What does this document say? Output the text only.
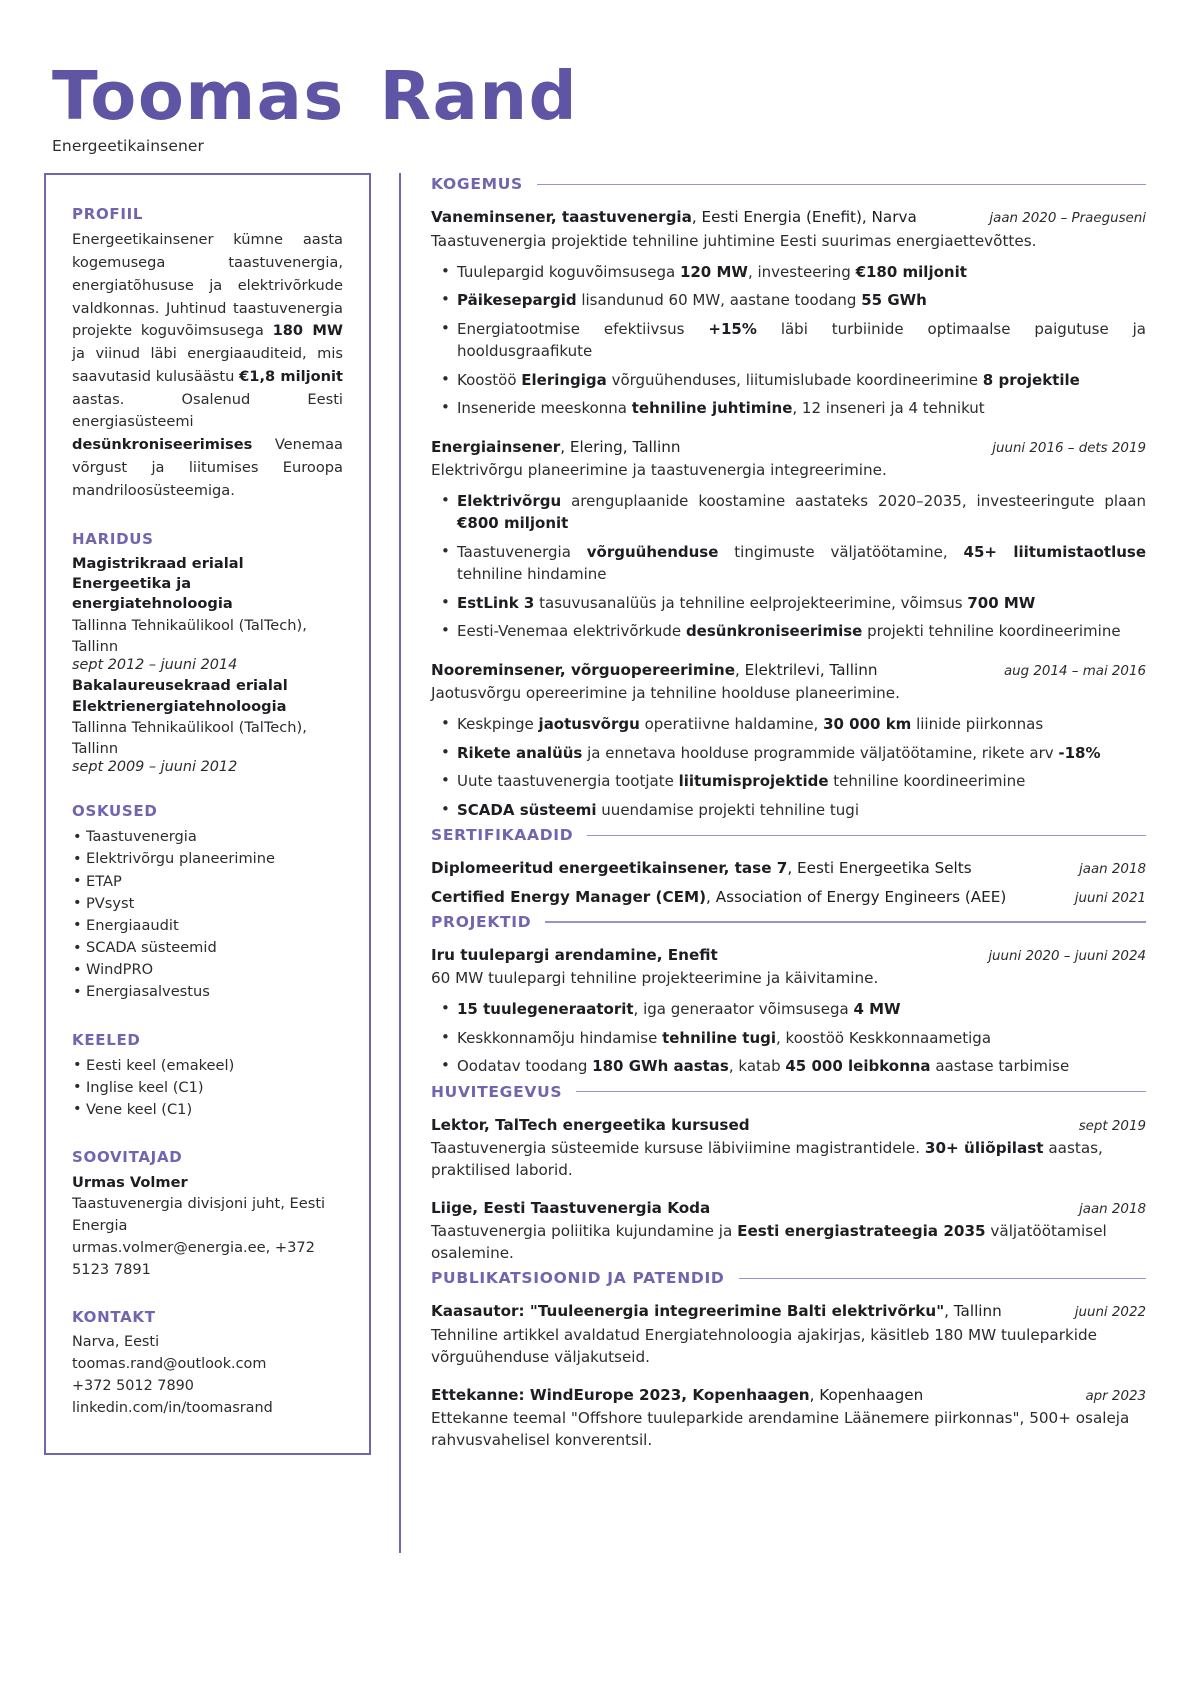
Toomas Rand
Energeetikainsener
PROFIIL
Energeetikainsener kümne aasta kogemusega taastuvenergia, energiatõhususe ja elektrivõrkude valdkonnas. Juhtinud taastuvenergia projekte koguvõimsusega 180 MW ja viinud läbi energiaauditeid, mis saavutasid kulusäästu €1,8 miljonit aastas. Osalenud Eesti energiasüsteemi desünkroniseerimises Venemaa võrgust ja liitumises Euroopa mandriloosüsteemiga.
HARIDUS
Magistrikraad erialal Energeetika ja energiatehnoloogia
Tallinna Tehnikaülikool (TalTech), Tallinn
sept 2012 – juuni 2014
Bakalaureusekraad erialal Elektrienergiatehnoloogia
Tallinna Tehnikaülikool (TalTech), Tallinn
sept 2009 – juuni 2012
OSKUSED
• Taastuvenergia
• Elektrivõrgu planeerimine
• ETAP
• PVsyst
• Energiaaudit
• SCADA süsteemid
• WindPRO
• Energiasalvestus
KEELED
• Eesti keel (emakeel)
• Inglise keel (C1)
• Vene keel (C1)
SOOVITAJAD
Urmas Volmer
Taastuvenergia divisjoni juht, Eesti Energia
urmas.volmer@energia.ee, +372 5123 7891
KONTAKT
Narva, Eesti
toomas.rand@outlook.com
+372 5012 7890
linkedin.com/in/toomasrand
KOGEMUS
Vaneminsener, taastuvenergia, Eesti Energia (Enefit), Narva	jaan 2020 – Praeguseni
Taastuvenergia projektide tehniline juhtimine Eesti suurimas energiaettevõttes.
• Tuulepargid koguvõimsusega 120 MW, investeering €180 miljonit
• Päikesepargid lisandunud 60 MW, aastane toodang 55 GWh
• Energiatootmise efektiivsus +15% läbi turbiinide optimaalse paigutuse ja hooldusgraafikute
• Koostöö Eleringiga võrguühenduses, liitumislubade koordineerimine 8 projektile
• Inseneride meeskonna tehniline juhtimine, 12 inseneri ja 4 tehnikut
Energiainsener, Elering, Tallinn	juuni 2016 – dets 2019
Elektrivõrgu planeerimine ja taastuvenergia integreerimine.
• Elektrivõrgu arenguplaanide koostamine aastateks 2020–2035, investeeringute plaan €800 miljonit
• Taastuvenergia võrguühenduse tingimuste väljatöötamine, 45+ liitumistaotluse tehniline hindamine
• EstLink 3 tasuvusanalüüs ja tehniline eelprojekteerimine, võimsus 700 MW
• Eesti-Venemaa elektrivõrkude desünkroniseerimise projekti tehniline koordineerimine
Nooreminsener, võrguopereerimine, Elektrilevi, Tallinn	aug 2014 – mai 2016
Jaotusvõrgu opereerimine ja tehniline hoolduse planeerimine.
• Keskpinge jaotusvõrgu operatiivne haldamine, 30 000 km liinide piirkonnas
• Rikete analüüs ja ennetava hoolduse programmide väljatöötamine, rikete arv -18%
• Uute taastuvenergia tootjate liitumisprojektide tehniline koordineerimine
• SCADA süsteemi uuendamise projekti tehniline tugi
SERTIFIKAADID
Diplomeeritud energeetikainsener, tase 7, Eesti Energeetika Selts	jaan 2018
Certified Energy Manager (CEM), Association of Energy Engineers (AEE)	juuni 2021
PROJEKTID
Iru tuulepargi arendamine, Enefit	juuni 2020 – juuni 2024
60 MW tuulepargi tehniline projekteerimine ja käivitamine.
• 15 tuulegeneraatorit, iga generaator võimsusega 4 MW
• Keskkonnamõju hindamise tehniline tugi, koostöö Keskkonnaametiga
• Oodatav toodang 180 GWh aastas, katab 45 000 leibkonna aastase tarbimise
HUVITEGEVUS
Lektor, TalTech energeetika kursused	sept 2019
Taastuvenergia süsteemide kursuse läbiviimine magistrantidele. 30+ üliõpilast aastas, praktilised laborid.
Liige, Eesti Taastuvenergia Koda	jaan 2018
Taastuvenergia poliitika kujundamine ja Eesti energiastrateegia 2035 väljatöötamisel osalemine.
PUBLIKATSIOONID JA PATENDID
Kaasautor: "Tuuleenergia integreerimine Balti elektrivõrku", Tallinn	juuni 2022
Tehniline artikkel avaldatud Energiatehnoloogia ajakirjas, käsitleb 180 MW tuuleparkide võrguühenduse väljakutseid.
Ettekanne: WindEurope 2023, Kopenhaagen, Kopenhaagen	apr 2023
Ettekanne teemal "Offshore tuuleparkide arendamine Läänemere piirkonnas", 500+ osaleja rahvusvahelisel konverentsil.
